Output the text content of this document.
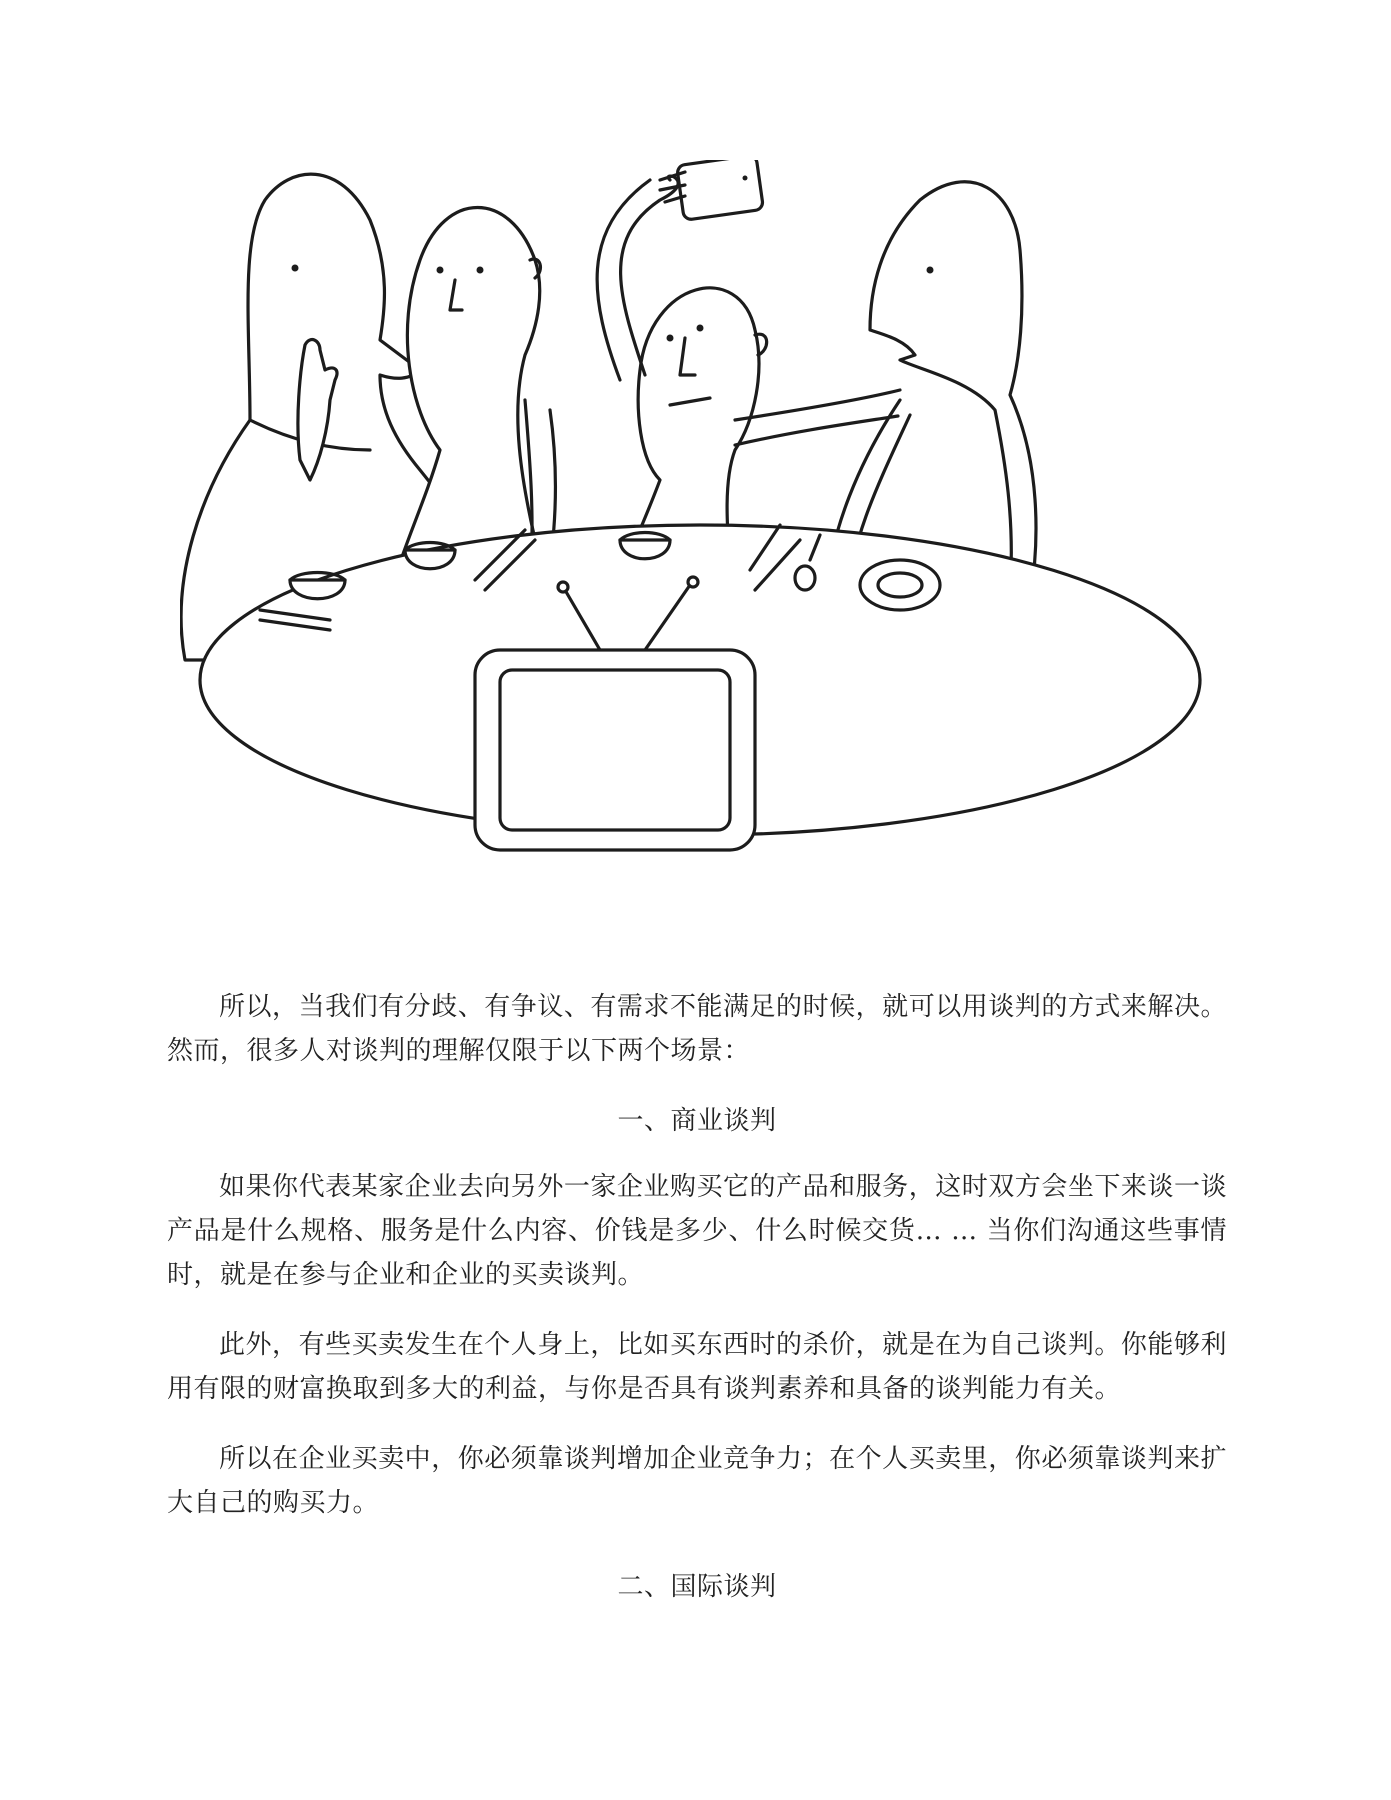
所以，当我们有分歧、有争议、有需求不能满足的时候，就可以用谈判的方式来解决。然而，很多人对谈判的理解仅限于以下两个场景：

一、商业谈判

如果你代表某家企业去向另外一家企业购买它的产品和服务，这时双方会坐下来谈一谈产品是什么规格、服务是什么内容、价钱是多少、什么时候交货… … 当你们沟通这些事情时，就是在参与企业和企业的买卖谈判。

此外，有些买卖发生在个人身上，比如买东西时的杀价，就是在为自己谈判。你能够利用有限的财富换取到多大的利益，与你是否具有谈判素养和具备的谈判能力有关。

所以在企业买卖中，你必须靠谈判增加企业竞争力；在个人买卖里，你必须靠谈判来扩大自己的购买力。

二、国际谈判
